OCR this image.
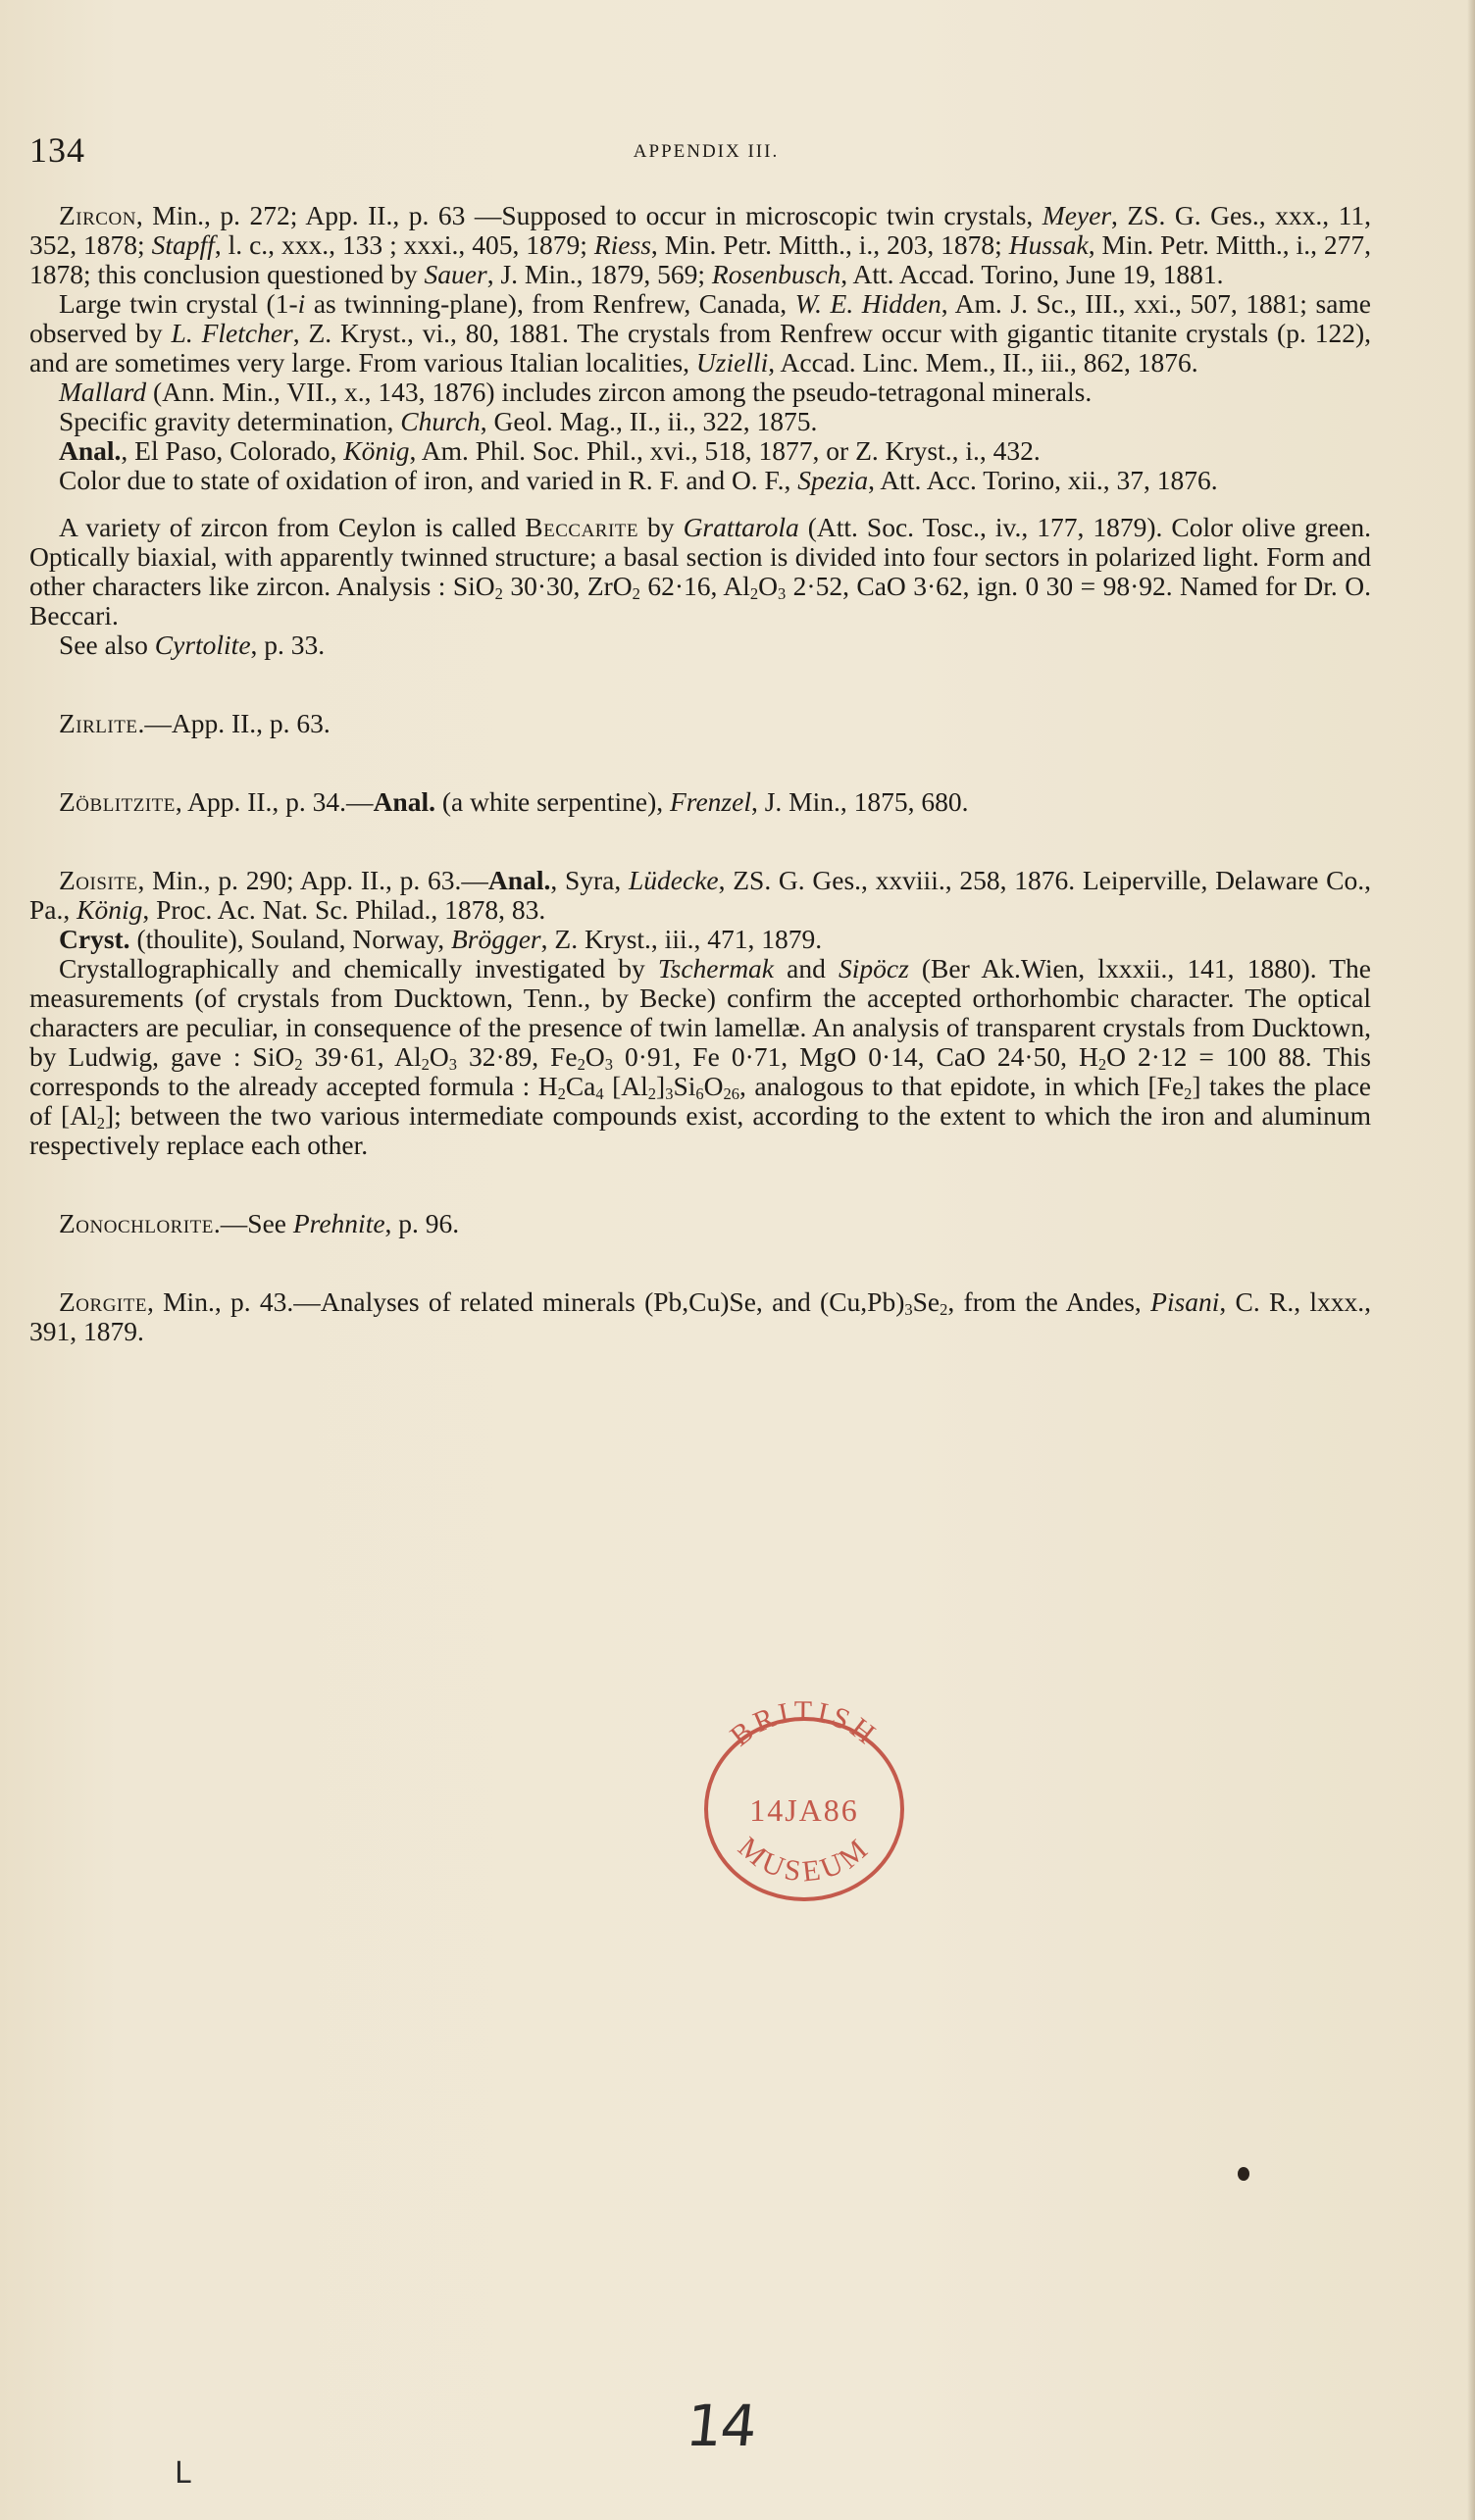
134	APPENDIX III.

Zircon, Min., p. 272; App. II., p. 63 —Supposed to occur in microscopic twin crystals, Meyer, ZS. G. Ges., xxx., 11, 352, 1878; Stapff, l. c., xxx., 133 ; xxxi., 405, 1879; Riess, Min. Petr. Mitth., i., 203, 1878; Hussak, Min. Petr. Mitth., i., 277, 1878; this conclusion questioned by Sauer, J. Min., 1879, 569; Rosenbusch, Att. Accad. Torino, June 19, 1881.

Large twin crystal (1-i as twinning-plane), from Renfrew, Canada, W. E. Hidden, Am. J. Sc., III., xxi., 507, 1881; same observed by L. Fletcher, Z. Kryst., vi., 80, 1881. The crystals from Renfrew occur with gigantic titanite crystals (p. 122), and are sometimes very large. From various Italian localities, Uzielli, Accad. Linc. Mem., II., iii., 862, 1876.

Mallard (Ann. Min., VII., x., 143, 1876) includes zircon among the pseudo-tetragonal minerals.

Specific gravity determination, Church, Geol. Mag., II., ii., 322, 1875.

Anal., El Paso, Colorado, König, Am. Phil. Soc. Phil., xvi., 518, 1877, or Z. Kryst., i., 432.

Color due to state of oxidation of iron, and varied in R. F. and O. F., Spezia, Att. Acc. Torino, xii., 37, 1876.

A variety of zircon from Ceylon is called Beccarite by Grattarola (Att. Soc. Tosc., iv., 177, 1879). Color olive green. Optically biaxial, with apparently twinned structure; a basal section is divided into four sectors in polarized light. Form and other characters like zircon. Analysis : SiO$_2$ 30·30, ZrO$_2$ 62·16, $Al_2O_3$ 2·52, CaO 3·62, ign. 0 30 = 98·92. Named for Dr. O. Beccari.

See also Cyrtolite, p. 33.

Zirlite.—App. II., p. 63.

Zöblitzite, App. II., p. 34.—Anal. (a white serpentine), Frenzel, J. Min., 1875, 680.

Zoisite, Min., p. 290; App. II., p. 63.—Anal., Syra, Lüdecke, ZS. G. Ges., xxviii., 258, 1876. Leiperville, Delaware Co., Pa., König, Proc. Ac. Nat. Sc. Philad., 1878, 83.

Cryst. (thoulite), Souland, Norway, Brögger, Z. Kryst., iii., 471, 1879.

Crystallographically and chemically investigated by Tschermak and Sipöcz (Ber Ak.Wien, lxxxii., 141, 1880). The measurements (of crystals from Ducktown, Tenn., by Becke) confirm the accepted orthorhombic character. The optical characters are peculiar, in consequence of the presence of twin lamellæ. An analysis of transparent crystals from Ducktown, by Ludwig, gave : SiO$_2$ 39·61, $Al_2O_3$ 32·89, $Fe_2O_3$ 0·91, Fe 0·71, MgO 0·14, CaO 24·50, $H_2O$ 2·12 = 100 88. This corresponds to the already accepted formula : $H_2Ca_4$ $[Al_2]_3Si_6O_{26}$, analogous to that epidote, in which $[Fe_2]$ takes the place of $[Al_2]$; between the two various intermediate compounds exist, according to the extent to which the iron and aluminum respectively replace each other.

Zonochlorite.—See Prehnite, p. 96.

Zorgite, Min., p. 43.—Analyses of related minerals (Pb,Cu)Se, and $(Cu,Pb)_3Se_2$, from the Andes, Pisani, C. R., lxxx., 391, 1879.

BRITISH
14JA86
MUSEUM
14
L
